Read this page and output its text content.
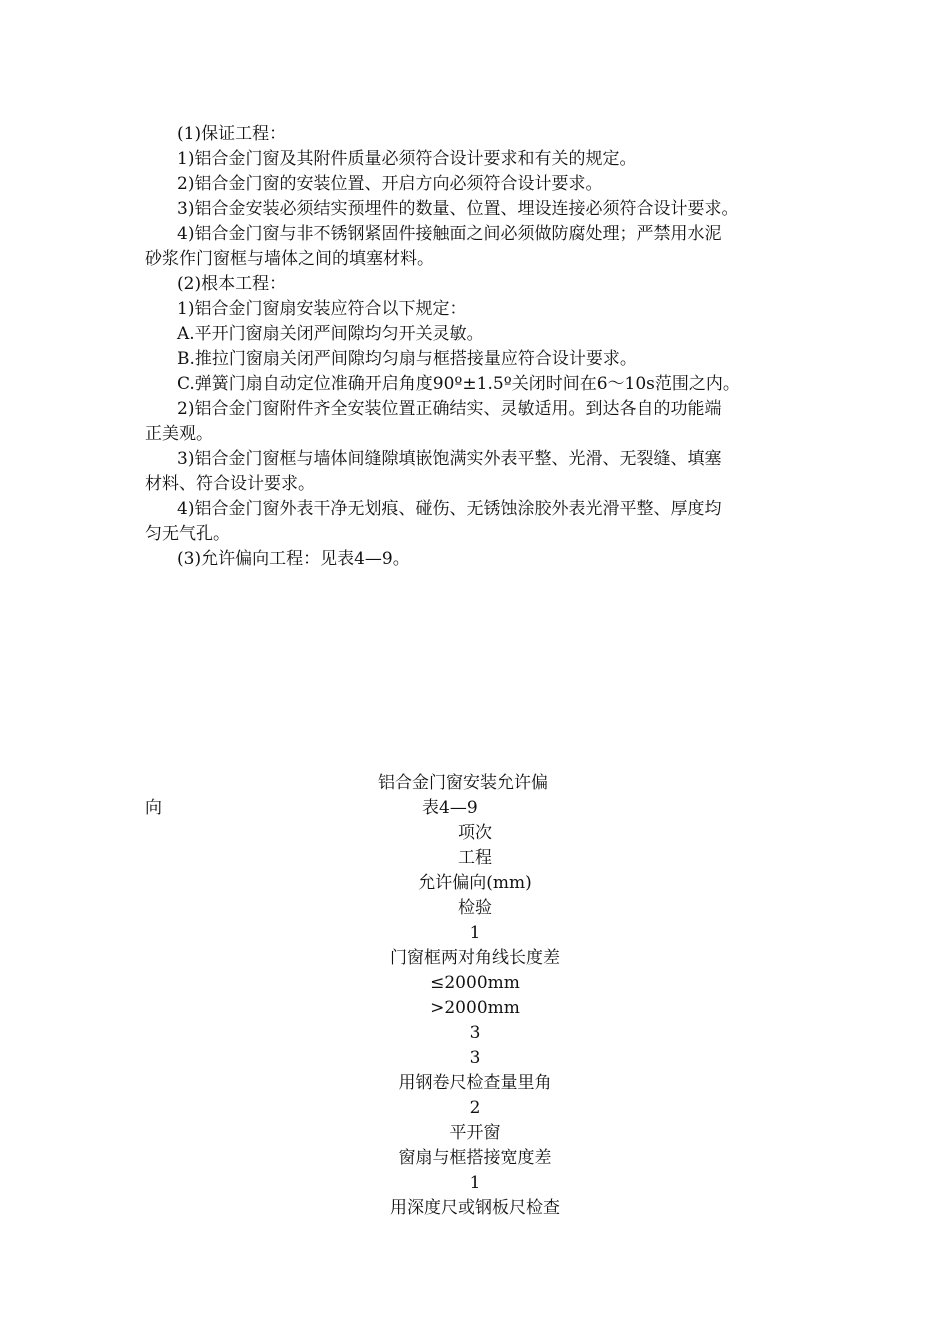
(1)保证工程：

1)铝合金门窗及其附件质量必须符合设计要求和有关的规定。

2)铝合金门窗的安装位置、开启方向必须符合设计要求。

3)铝合金安装必须结实预埋件的数量、位置、埋设连接必须符合设计要求。

4)铝合金门窗与非不锈钢紧固件接触面之间必须做防腐处理；严禁用水泥

砂浆作门窗框与墙体之间的填塞材料。

(2)根本工程：

1)铝合金门窗扇安装应符合以下规定：

A.平开门窗扇关闭严间隙均匀开关灵敏。

B.推拉门窗扇关闭严间隙均匀扇与框搭接量应符合设计要求。

C.弹簧门扇自动定位准确开启角度90º±1.5º关闭时间在6～10s范围之内。

2)铝合金门窗附件齐全安装位置正确结实、灵敏适用。到达各自的功能端

正美观。

3)铝合金门窗框与墙体间缝隙填嵌饱满实外表平整、光滑、无裂缝、填塞

材料、符合设计要求。

4)铝合金门窗外表干净无划痕、碰伤、无锈蚀涂胶外表光滑平整、厚度均

匀无气孔。

(3)允许偏向工程：见表4—9。

铝合金门窗安装允许偏
向	表4—9
项次
工程
允许偏向(mm)
检验
1
门窗框两对角线长度差
≤2000mm
>2000mm
3
3
用钢卷尺检查量里角
2
平开窗
窗扇与框搭接宽度差
1
用深度尺或钢板尺检查
